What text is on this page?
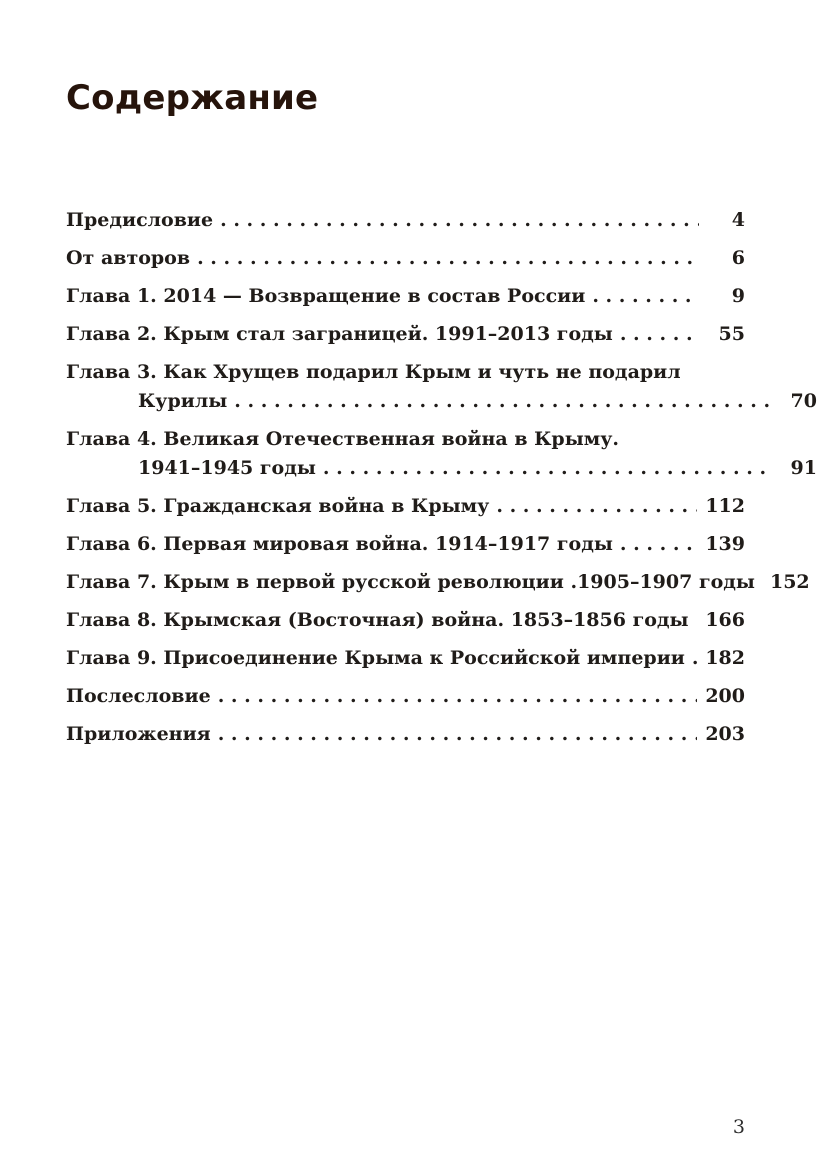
Содержание
Предисловие . . .	4
От авторов . . .	6
Глава 1. 2014 — Возвращение в состав России . . .	9
Глава 2. Крым стал заграницей. 1991–2013 годы . . .	55
Глава 3. Как Хрущев подарил Крым и чуть не подарил
Курилы . . .	70
Глава 4. Великая Отечественная война в Крыму.
1941–1945 годы . . .	91
Глава 5. Гражданская война в Крыму . . .	112
Глава 6. Первая мировая война. 1914–1917 годы . . .	139
Глава 7. Крым в первой русской революции .1905–1907 годы 152
Глава 8. Крымская (Восточная) война. 1853–1856 годы . . . 166
Глава 9. Присоединение Крыма к Российской империи . . . 182
Послесловие . . .	200
Приложения . . .	203
3
